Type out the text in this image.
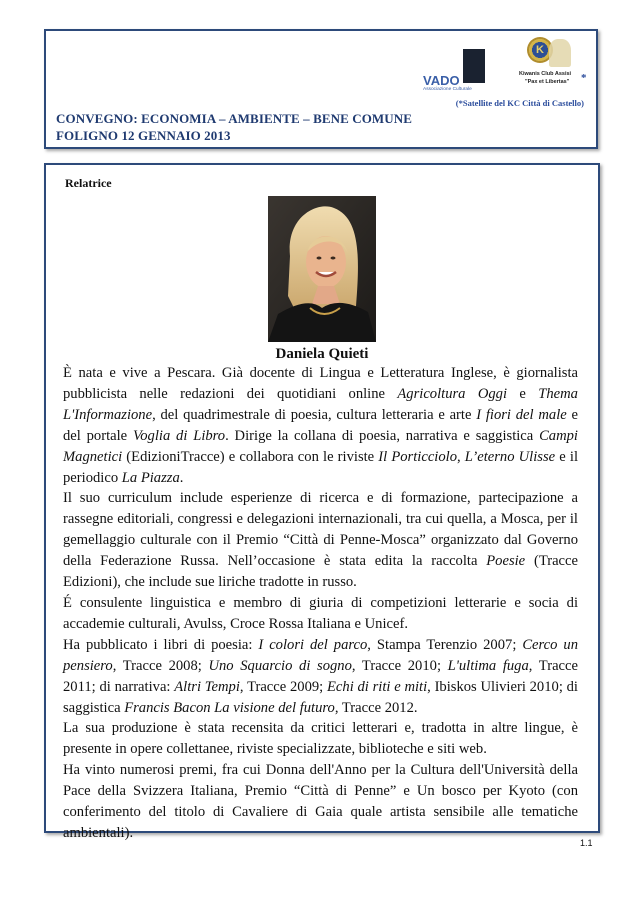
VADO
Associazione Culturale
K
Kiwanis Club Assisi
"Pax et Libertas" *
(*Satellite del KC Città di Castello)
CONVEGNO: ECONOMIA – AMBIENTE – BENE COMUNE
FOLIGNO 12 GENNAIO 2013
Relatrice
Daniela Quieti

È nata e vive a Pescara. Già docente di Lingua e Letteratura Inglese, è giornalista pubblicista nelle redazioni dei quotidiani online Agricoltura Oggi e Thema L'Informazione, del quadrimestrale di poesia, cultura letteraria e arte I fiori del male e del portale Voglia di Libro. Dirige la collana di poesia, narrativa e saggistica Campi Magnetici (EdizioniTracce) e collabora con le riviste Il Porticciolo, L’eterno Ulisse e il periodico La Piazza.

Il suo curriculum include esperienze di ricerca e di formazione, partecipazione a rassegne editoriali, congressi e delegazioni internazionali, tra cui quella, a Mosca, per il gemellaggio culturale con il Premio “Città di Penne-Mosca” organizzato dal Governo della Federazione Russa. Nell’occasione è stata edita la raccolta Poesie (Tracce Edizioni), che include sue liriche tradotte in russo.

É consulente linguistica e membro di giuria di competizioni letterarie e socia di accademie culturali, Avulss, Croce Rossa Italiana e Unicef.

Ha pubblicato i libri di poesia: I colori del parco, Stampa Terenzio 2007; Cerco un pensiero, Tracce 2008; Uno Squarcio di sogno, Tracce 2010; L'ultima fuga, Tracce 2011; di narrativa: Altri Tempi, Tracce 2009; Echi di riti e miti, Ibiskos Ulivieri 2010; di saggistica Francis Bacon La visione del futuro, Tracce 2012.

La sua produzione è stata recensita da critici letterari e, tradotta in altre lingue, è presente in opere collettanee, riviste specializzate, biblioteche e siti web.

Ha vinto numerosi premi, fra cui Donna dell'Anno per la Cultura dell'Università della Pace della Svizzera Italiana, Premio “Città di Penne” e Un bosco per Kyoto (con conferimento del titolo di Cavaliere di Gaia quale artista sensibile alle tematiche ambientali).

1.1
